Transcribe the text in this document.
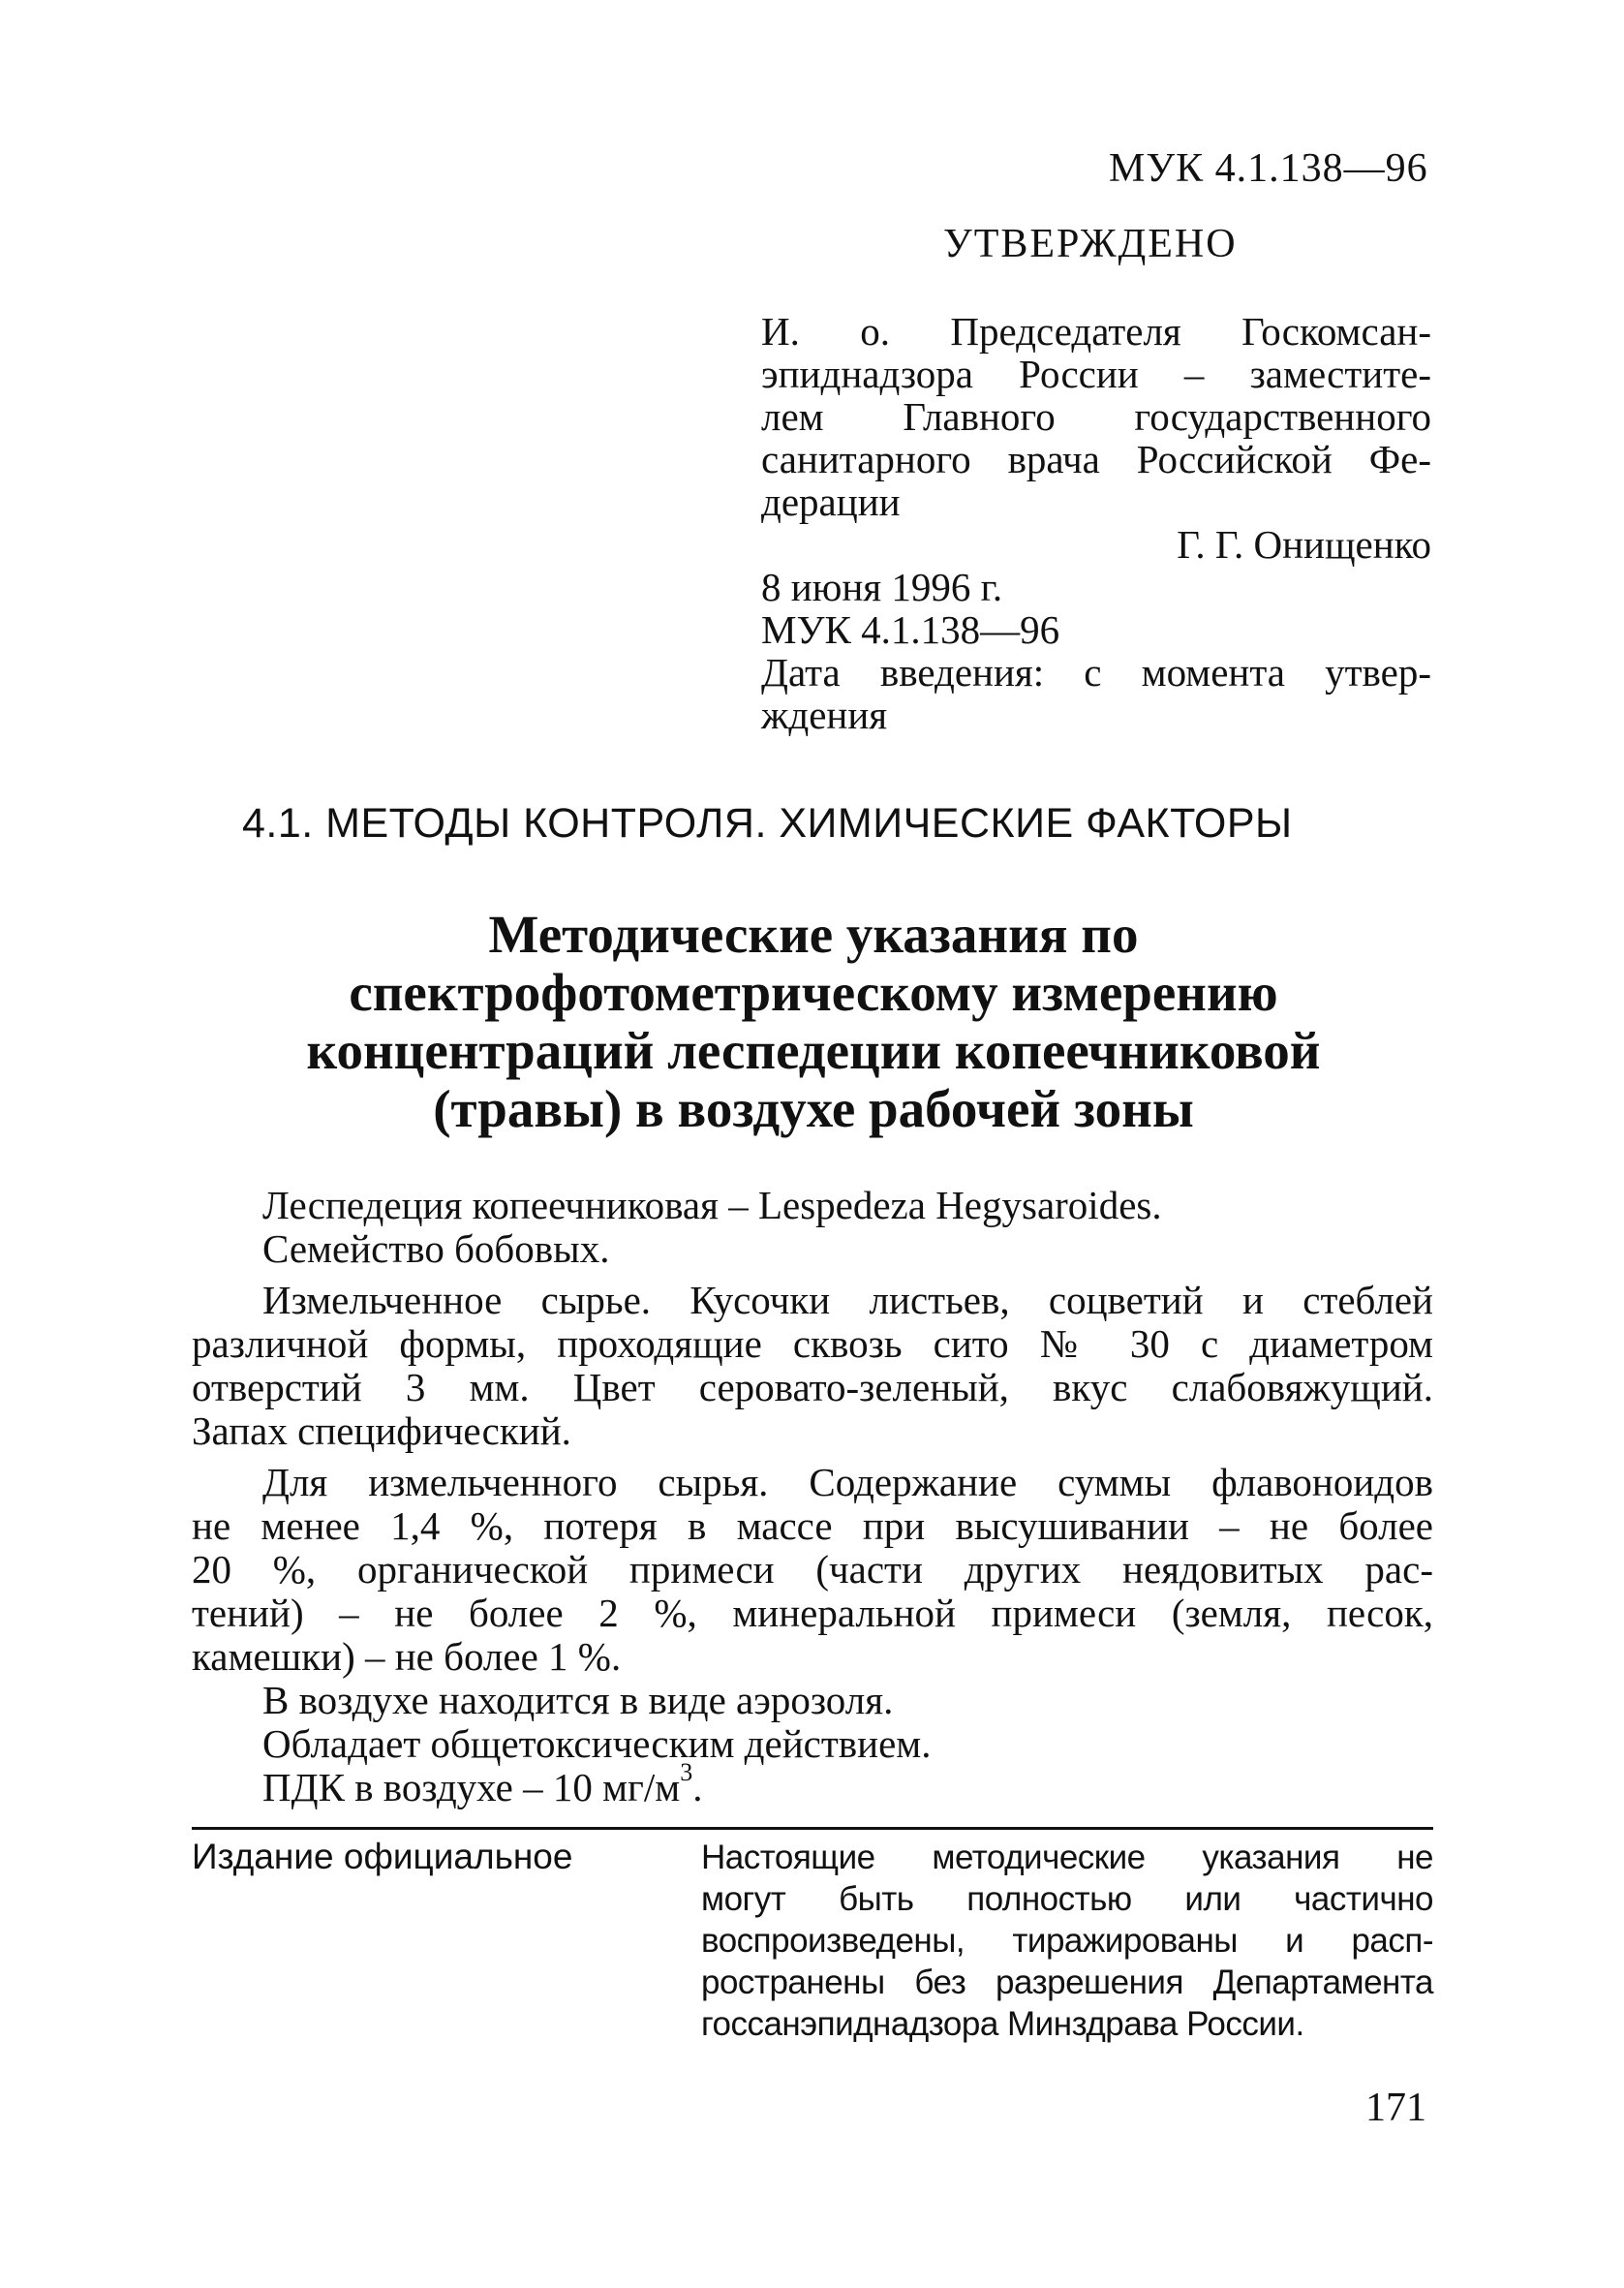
МУК 4.1.138—96
УТВЕРЖДЕНО
И. о. Председателя Госкомсан-
эпиднадзора России – заместите-
лем Главного государственного
санитарного врача Российской Фе-
дерации
Г. Г. Онищенко
8 июня 1996 г.
МУК 4.1.138—96
Дата введения: с момента утвер-
ждения
4.1. МЕТОДЫ КОНТРОЛЯ. ХИМИЧЕСКИЕ ФАКТОРЫ
Методические указания по
спектрофотометрическому измерению
концентраций леспедеции копеечниковой
(травы) в воздухе рабочей зоны
Леспедеция копеечниковая – Lespedeza Hegysaroides.
Семейство бобовых.
Измельченное сырье. Кусочки листьев, соцветий и стеблей
различной формы, проходящие сквозь сито № 30 с диаметром
отверстий 3 мм. Цвет серовато-зеленый, вкус слабовяжущий.
Запах специфический.
Для измельченного сырья. Содержание суммы флавоноидов
не менее 1,4 %, потеря в массе при высушивании – не более
20 %, органической примеси (части других неядовитых рас-
тений) – не более 2 %, минеральной примеси (земля, песок,
камешки) – не более 1 %.
В воздухе находится в виде аэрозоля.
Обладает общетоксическим действием.
ПДК в воздухе – 10 $мг/м^3$.
Издание официальное	Настоящие методические указания не
могут быть полностью или частично
воспроизведены, тиражированы и расп-
ространены без разрешения Департамента
госсанэпиднадзора Минздрава России.
171
